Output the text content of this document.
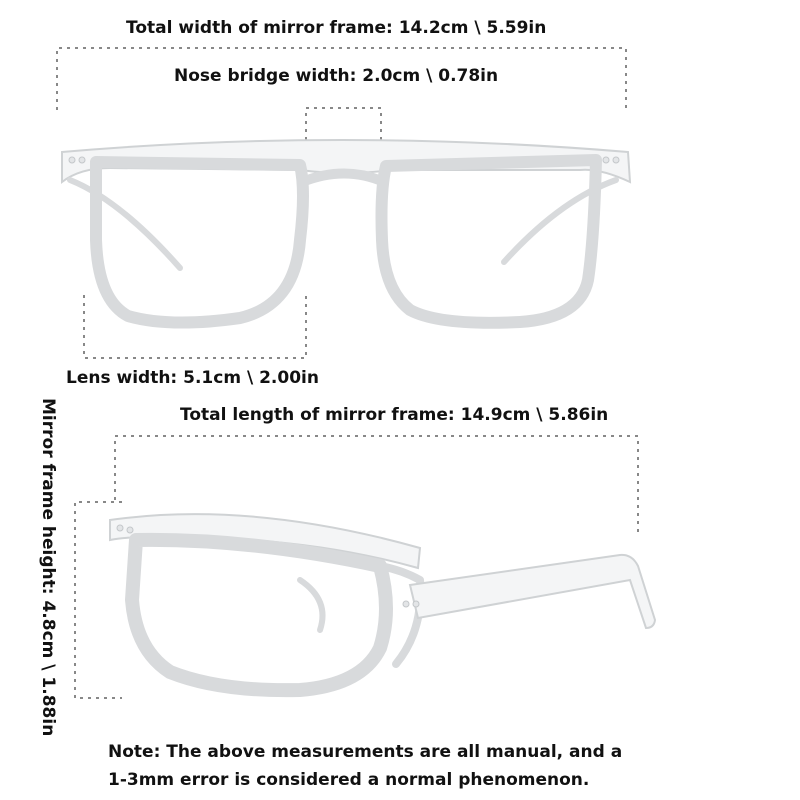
Total width of mirror frame: 14.2cm \ 5.59in
Nose bridge width: 2.0cm \ 0.78in
Lens width: 5.1cm \ 2.00in
Total length of mirror frame: 14.9cm \ 5.86in
Mirror frame height: 4.8cm \ 1.88in
Note: The above measurements are all manual, and a
1-3mm error is considered a normal phenomenon.
